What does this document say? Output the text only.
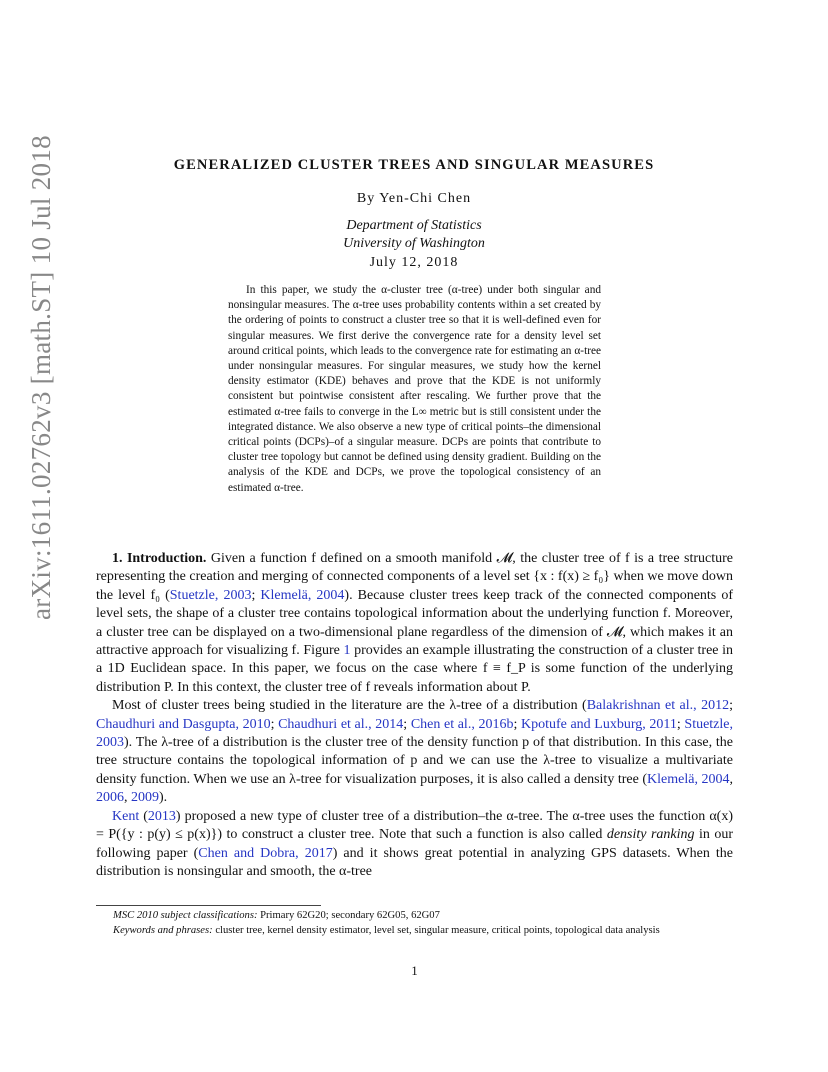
arXiv:1611.02762v3 [math.ST] 10 Jul 2018	GENERALIZED CLUSTER TREES AND SINGULAR MEASURES
By Yen-Chi Chen
Department of Statistics
University of Washington
July 12, 2018
In this paper, we study the α-cluster tree (α-tree) under both singular and nonsingular measures. The α-tree uses probability contents within a set created by the ordering of points to construct a cluster tree so that it is well-defined even for singular measures. We first derive the convergence rate for a density level set around critical points, which leads to the convergence rate for estimating an α-tree under nonsingular measures. For singular measures, we study how the kernel density estimator (KDE) behaves and prove that the KDE is not uniformly consistent but pointwise consistent after rescaling. We further prove that the estimated α-tree fails to converge in the L∞ metric but is still consistent under the integrated distance. We also observe a new type of critical points–the dimensional critical points (DCPs)–of a singular measure. DCPs are points that contribute to cluster tree topology but cannot be defined using density gradient. Building on the analysis of the KDE and DCPs, we prove the topological consistency of an estimated α-tree.

1. Introduction. Given a function f defined on a smooth manifold 𝓜, the cluster tree of f is a tree structure representing the creation and merging of connected components of a level set {x : f(x) ≥ f₀} when we move down the level f₀ (Stuetzle, 2003; Klemelä, 2004). Because cluster trees keep track of the connected components of level sets, the shape of a cluster tree contains topological information about the underlying function f. Moreover, a cluster tree can be displayed on a two-dimensional plane regardless of the dimension of 𝓜, which makes it an attractive approach for visualizing f. Figure 1 provides an example illustrating the construction of a cluster tree in a 1D Euclidean space. In this paper, we focus on the case where f ≡ f_P is some function of the underlying distribution P. In this context, the cluster tree of f reveals information about P.

Most of cluster trees being studied in the literature are the λ-tree of a distribution (Balakrishnan et al., 2012; Chaudhuri and Dasgupta, 2010; Chaudhuri et al., 2014; Chen et al., 2016b; Kpotufe and Luxburg, 2011; Stuetzle, 2003). The λ-tree of a distribution is the cluster tree of the density function p of that distribution. In this case, the tree structure contains the topological information of p and we can use the λ-tree to visualize a multivariate density function. When we use an λ-tree for visualization purposes, it is also called a density tree (Klemelä, 2004, 2006, 2009).

Kent (2013) proposed a new type of cluster tree of a distribution–the α-tree. The α-tree uses the function α(x) = P({y : p(y) ≤ p(x)}) to construct a cluster tree. Note that such a function is also called density ranking in our following paper (Chen and Dobra, 2017) and it shows great potential in analyzing GPS datasets. When the distribution is nonsingular and smooth, the α-tree

MSC 2010 subject classifications: Primary 62G20; secondary 62G05, 62G07
Keywords and phrases: cluster tree, kernel density estimator, level set, singular measure, critical points, topological data analysis
1
